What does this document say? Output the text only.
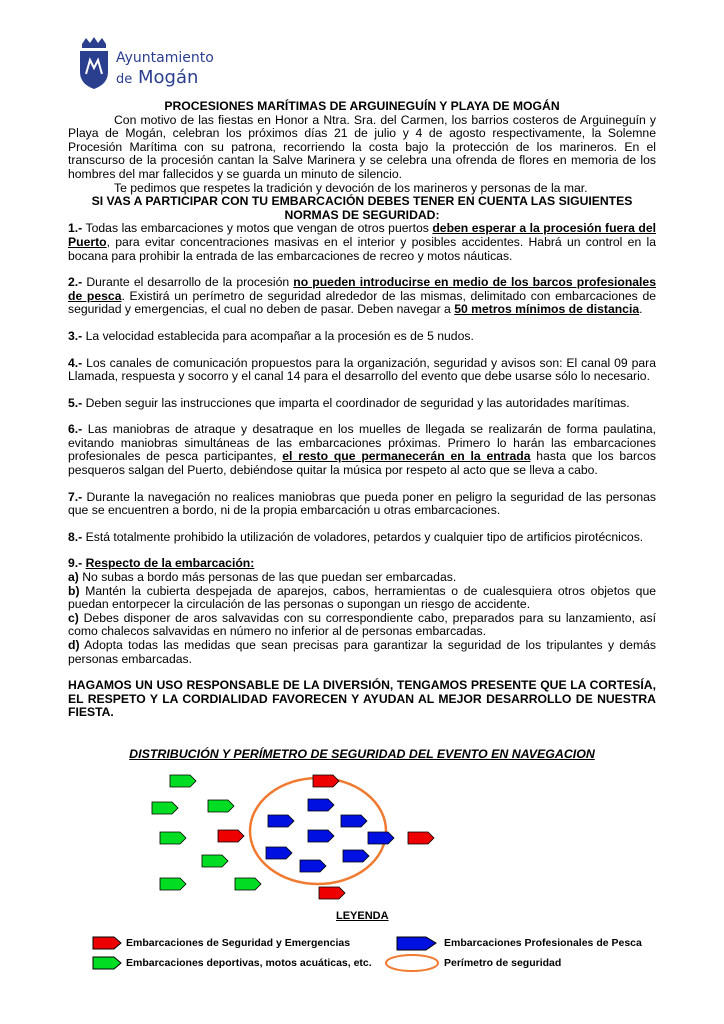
Ayuntamiento
de Mogán

PROCESIONES MARÍTIMAS DE ARGUINEGUÍN Y PLAYA DE MOGÁN

Con motivo de las fiestas en Honor a Ntra. Sra. del Carmen, los barrios costeros de Arguineguín y Playa de Mogán, celebran los próximos días 21 de julio y 4 de agosto respectivamente, la Solemne Procesión Marítima con su patrona, recorriendo la costa bajo la protección de los marineros. En el transcurso de la procesión cantan la Salve Marinera y se celebra una ofrenda de flores en memoria de los hombres del mar fallecidos y se guarda un minuto de silencio.

Te pedimos que respetes la tradición y devoción de los marineros y personas de la mar.

SI VAS A PARTICIPAR CON TU EMBARCACIÓN DEBES TENER EN CUENTA LAS SIGUIENTES NORMAS DE SEGURIDAD:

1.- Todas las embarcaciones y motos que vengan de otros puertos deben esperar a la procesión fuera del Puerto, para evitar concentraciones masivas en el interior y posibles accidentes. Habrá un control en la bocana para prohibir la entrada de las embarcaciones de recreo y motos náuticas.

2.- Durante el desarrollo de la procesión no pueden introducirse en medio de los barcos profesionales de pesca. Existirá un perímetro de seguridad alrededor de las mismas, delimitado con embarcaciones de seguridad y emergencias, el cual no deben de pasar. Deben navegar a 50 metros mínimos de distancia.

3.- La velocidad establecida para acompañar a la procesión es de 5 nudos.

4.- Los canales de comunicación propuestos para la organización, seguridad y avisos son: El canal 09 para Llamada, respuesta y socorro y el canal 14 para el desarrollo del evento que debe usarse sólo lo necesario.

5.- Deben seguir las instrucciones que imparta el coordinador de seguridad y las autoridades marítimas.

6.- Las maniobras de atraque y desatraque en los muelles de llegada se realizarán de forma paulatina, evitando maniobras simultáneas de las embarcaciones próximas. Primero lo harán las embarcaciones profesionales de pesca participantes, el resto que permanecerán en la entrada hasta que los barcos pesqueros salgan del Puerto, debiéndose quitar la música por respeto al acto que se lleva a cabo.

7.- Durante la navegación no realices maniobras que pueda poner en peligro la seguridad de las personas que se encuentren a bordo, ni de la propia embarcación u otras embarcaciones.

8.- Está totalmente prohibido la utilización de voladores, petardos y cualquier tipo de artificios pirotécnicos.

9.- Respecto de la embarcación:

a) No subas a bordo más personas de las que puedan ser embarcadas.

b) Mantén la cubierta despejada de aparejos, cabos, herramientas o de cualesquiera otros objetos que puedan entorpecer la circulación de las personas o supongan un riesgo de accidente.

c) Debes disponer de aros salvavidas con su correspondiente cabo, preparados para su lanzamiento, así como chalecos salvavidas en número no inferior al de personas embarcadas.

d) Adopta todas las medidas que sean precisas para garantizar la seguridad de los tripulantes y demás personas embarcadas.

HAGAMOS UN USO RESPONSABLE DE LA DIVERSIÓN, TENGAMOS PRESENTE QUE LA CORTESÍA, EL RESPETO Y LA CORDIALIDAD FAVORECEN Y AYUDAN AL MEJOR DESARROLLO DE NUESTRA FIESTA.

DISTRIBUCIÓN Y PERÍMETRO DE SEGURIDAD DEL EVENTO EN NAVEGACION
LEYENDA
Embarcaciones de Seguridad y Emergencias	Embarcaciones Profesionales de Pesca
Embarcaciones deportivas, motos acuáticas, etc.	Perímetro de seguridad
